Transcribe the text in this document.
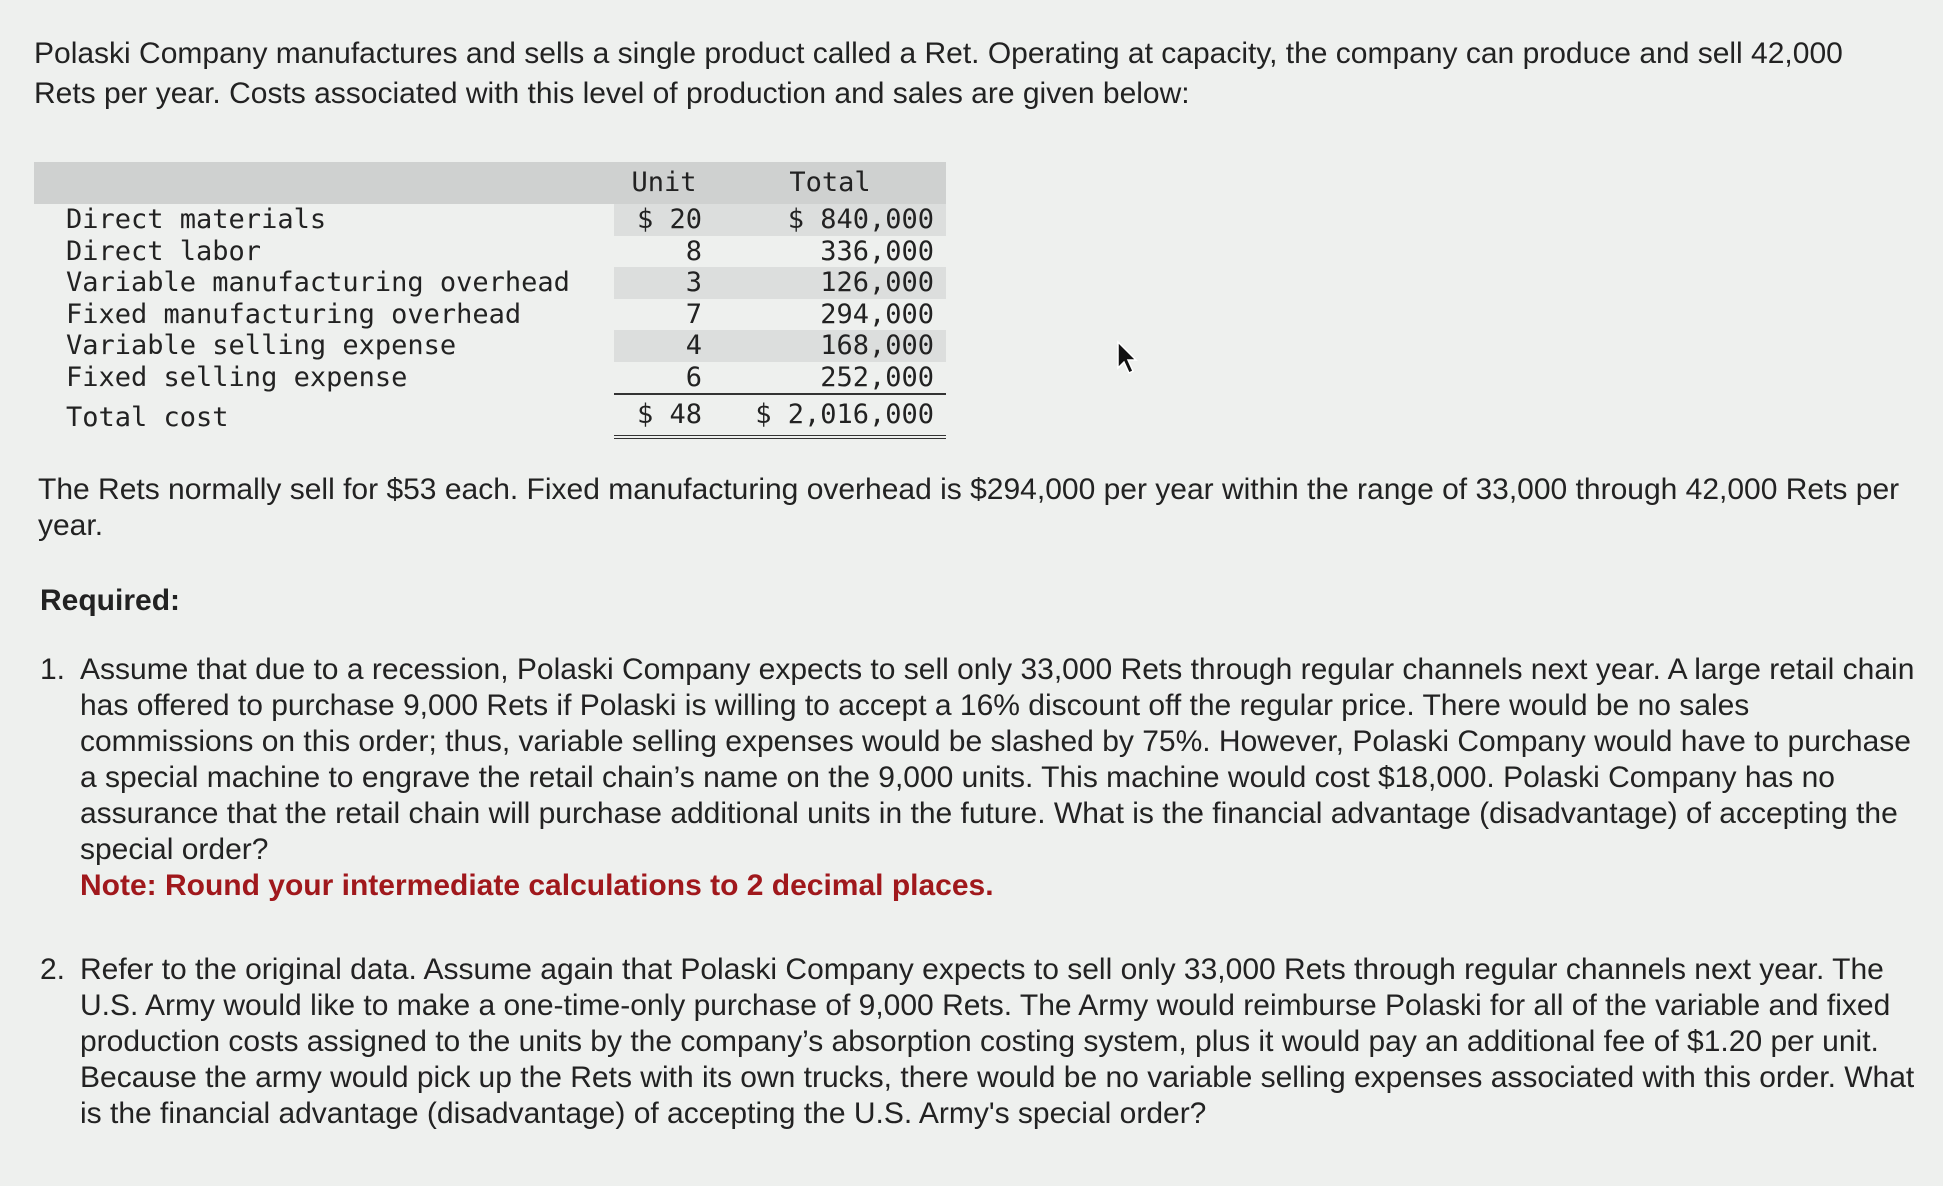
Polaski Company manufactures and sells a single product called a Ret. Operating at capacity, the company can produce and sell 42,000 Rets per year. Costs associated with this level of production and sales are given below:
	Unit	Total
Direct materials	$ 20	$ 840,000
Direct labor	8	336,000
Variable manufacturing overhead	3	126,000
Fixed manufacturing overhead	7	294,000
Variable selling expense	4	168,000
Fixed selling expense	6	252,000
Total cost	$ 48	$ 2,016,000
The Rets normally sell for $53 each. Fixed manufacturing overhead is $294,000 per year within the range of 33,000 through 42,000 Rets per year.
Required:
1. Assume that due to a recession, Polaski Company expects to sell only 33,000 Rets through regular channels next year. A large retail chain has offered to purchase 9,000 Rets if Polaski is willing to accept a 16% discount off the regular price. There would be no sales commissions on this order; thus, variable selling expenses would be slashed by 75%. However, Polaski Company would have to purchase a special machine to engrave the retail chain’s name on the 9,000 units. This machine would cost $18,000. Polaski Company has no assurance that the retail chain will purchase additional units in the future. What is the financial advantage (disadvantage) of accepting the special order?
Note: Round your intermediate calculations to 2 decimal places.
2. Refer to the original data. Assume again that Polaski Company expects to sell only 33,000 Rets through regular channels next year. The U.S. Army would like to make a one-time-only purchase of 9,000 Rets. The Army would reimburse Polaski for all of the variable and fixed production costs assigned to the units by the company’s absorption costing system, plus it would pay an additional fee of $1.20 per unit. Because the army would pick up the Rets with its own trucks, there would be no variable selling expenses associated with this order. What is the financial advantage (disadvantage) of accepting the U.S. Army's special order?
